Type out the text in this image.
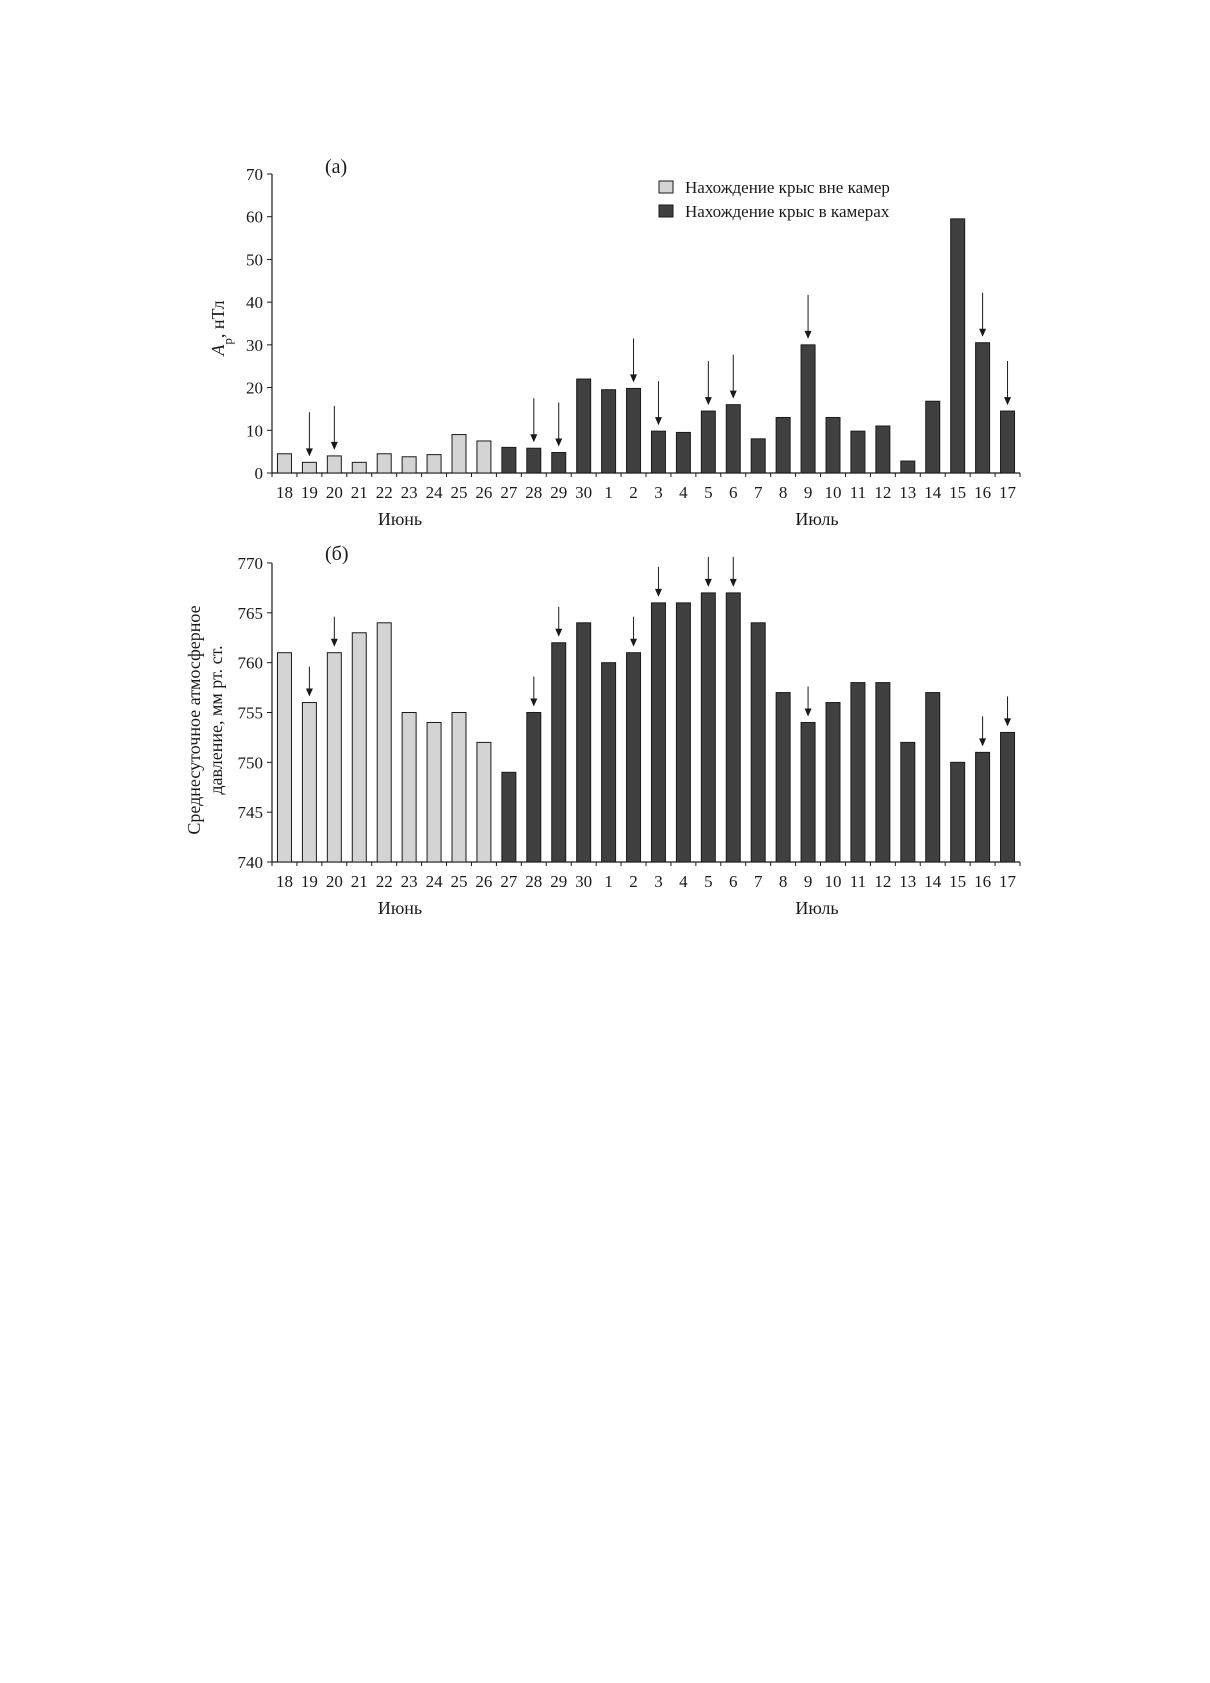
(а)
$A_р$, нТл
Нахождение крыс вне камер
Нахождение крыс в камерах
0
10
20
30
40
50
60
70
18 19 20 21 22 23 24 25 26 27 28 29 30 1 2 3 4 5 6 7 8 9 10 11 12 13 14 15 16 17
Июнь	Июль
(б)
Среднесуточное атмосферное давление, мм рт. ст.
740
745
750
755
760
765
770
18 19 20 21 22 23 24 25 26 27 28 29 30 1 2 3 4 5 6 7 8 9 10 11 12 13 14 15 16 17
Июнь	Июль
